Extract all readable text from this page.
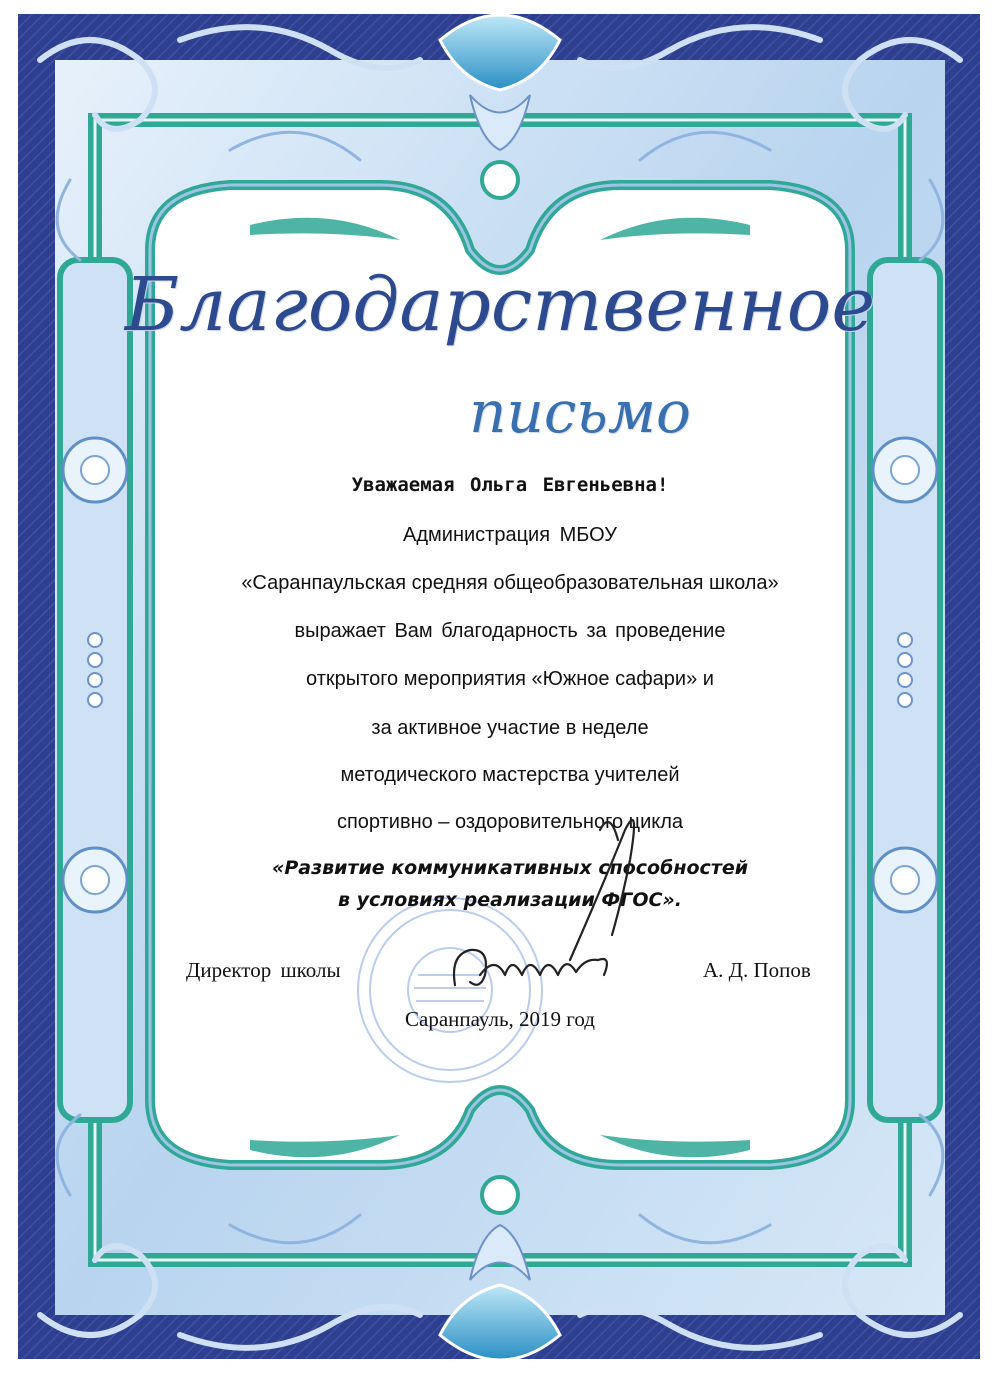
Благодарственное
письмо
Уважаемая Ольга Евгеньевна!
Администрация МБОУ
«Саранпаульская средняя общеобразовательная школа»
выражает Вам благодарность за проведение
открытого мероприятия «Южное сафари» и
за активное участие в неделе
методического мастерства учителей
спортивно – оздоровительного цикла
«Развитие коммуникативных способностей
в условиях реализации ФГОС».
Директор школы	А. Д. Попов
Саранпауль, 2019 год
